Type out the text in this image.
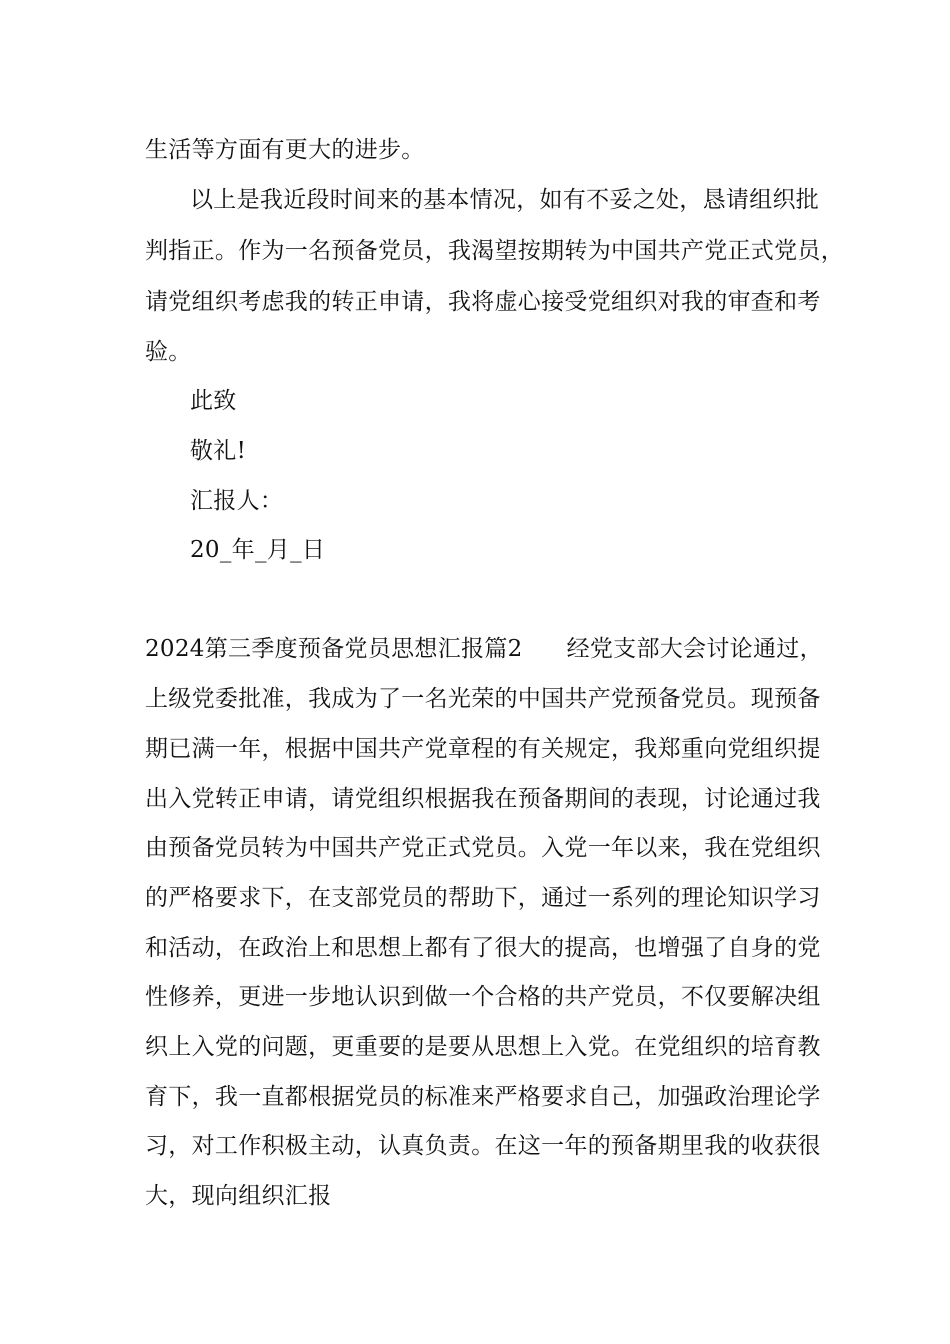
生活等方面有更大的进步。
以上是我近段时间来的基本情况，如有不妥之处，恳请组织批
判指正。作为一名预备党员，我渴望按期转为中国共产党正式党员，
请党组织考虑我的转正申请，我将虚心接受党组织对我的审查和考
验。
此致
敬礼!
汇报人：
20_年_月_日
2024第三季度预备党员思想汇报篇2 经党支部大会讨论通过，
上级党委批准，我成为了一名光荣的中国共产党预备党员。现预备
期已满一年，根据中国共产党章程的有关规定，我郑重向党组织提
出入党转正申请，请党组织根据我在预备期间的表现，讨论通过我
由预备党员转为中国共产党正式党员。入党一年以来，我在党组织
的严格要求下，在支部党员的帮助下，通过一系列的理论知识学习
和活动，在政治上和思想上都有了很大的提高，也增强了自身的党
性修养，更进一步地认识到做一个合格的共产党员，不仅要解决组
织上入党的问题，更重要的是要从思想上入党。在党组织的培育教
育下，我一直都根据党员的标准来严格要求自己，加强政治理论学
习，对工作积极主动，认真负责。在这一年的预备期里我的收获很
大，现向组织汇报
